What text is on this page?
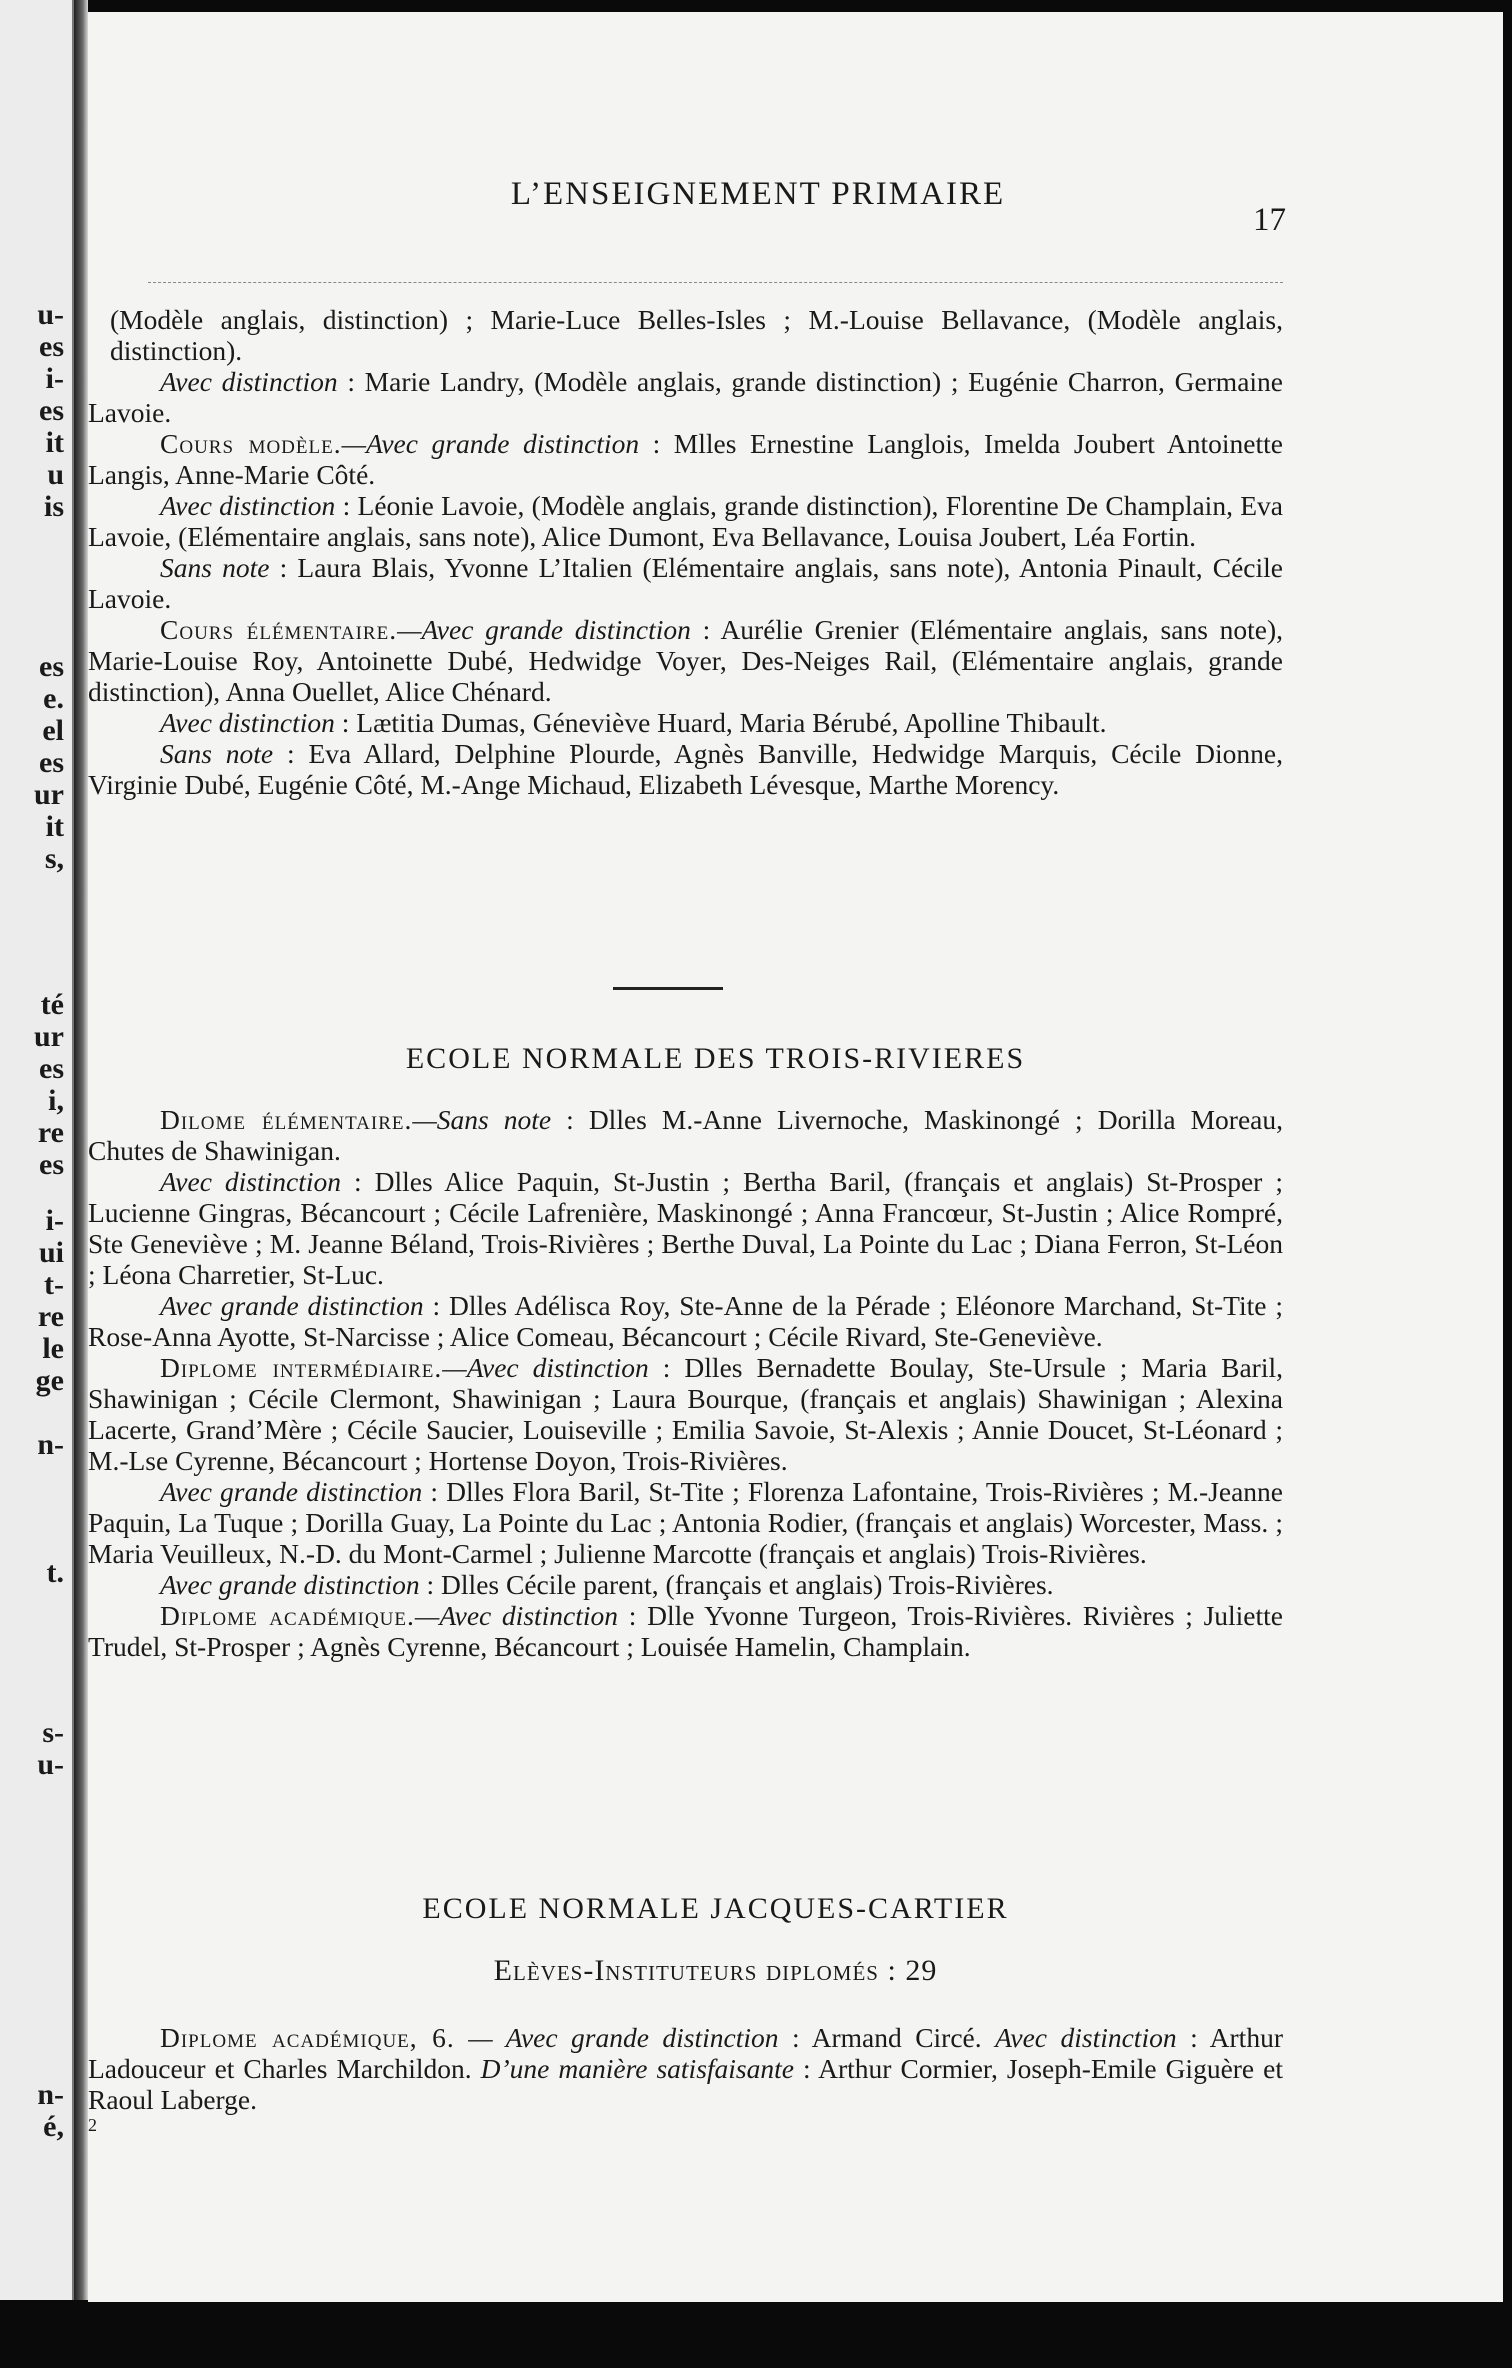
u-
es
i-
es
it
u
is
es
e.
el
es
ur
it
s,
té
ur
es
i,
re
es
i-
ui
t-
re
le
ge
n-
t.
s-
u-
n-
é,
L’ENSEIGNEMENT PRIMAIRE
17

(Modèle anglais, distinction) ; Marie-Luce Belles-Isles ; M.-Louise Bellavance, (Modèle anglais, distinction).

Avec distinction : Marie Landry, (Modèle anglais, grande distinction) ; Eugénie Charron, Germaine Lavoie.

Cours modèle.—Avec grande distinction : Mlles Ernestine Langlois, Imelda Joubert Antoinette Langis, Anne-Marie Côté.

Avec distinction : Léonie Lavoie, (Modèle anglais, grande distinction), Florentine De Champlain, Eva Lavoie, (Elémentaire anglais, sans note), Alice Dumont, Eva Bellavance, Louisa Joubert, Léa Fortin.

Sans note : Laura Blais, Yvonne L’Italien (Elémentaire anglais, sans note), Antonia Pinault, Cécile Lavoie.

Cours élémentaire.—Avec grande distinction : Aurélie Grenier (Elémentaire anglais, sans note), Marie-Louise Roy, Antoinette Dubé, Hedwidge Voyer, Des-Neiges Rail, (Elémentaire anglais, grande distinction), Anna Ouellet, Alice Chénard.

Avec distinction : Lætitia Dumas, Géneviève Huard, Maria Bérubé, Apolline Thibault.

Sans note : Eva Allard, Delphine Plourde, Agnès Banville, Hedwidge Marquis, Cécile Dionne, Virginie Dubé, Eugénie Côté, M.-Ange Michaud, Elizabeth Lévesque, Marthe Morency.

ECOLE NORMALE DES TROIS-RIVIERES

Dilome élémentaire.—Sans note : Dlles M.-Anne Livernoche, Maskinongé ; Dorilla Moreau, Chutes de Shawinigan.

Avec distinction : Dlles Alice Paquin, St-Justin ; Bertha Baril, (français et anglais) St-Prosper ; Lucienne Gingras, Bécancourt ; Cécile Lafrenière, Maskinongé ; Anna Francœur, St-Justin ; Alice Rompré, Ste Geneviève ; M. Jeanne Béland, Trois-Rivières ; Berthe Duval, La Pointe du Lac ; Diana Ferron, St-Léon ; Léona Charretier, St-Luc.

Avec grande distinction : Dlles Adélisca Roy, Ste-Anne de la Pérade ; Eléonore Marchand, St-Tite ; Rose-Anna Ayotte, St-Narcisse ; Alice Comeau, Bécancourt ; Cécile Rivard, Ste-Geneviève.

Diplome intermédiaire.—Avec distinction : Dlles Bernadette Boulay, Ste-Ursule ; Maria Baril, Shawinigan ; Cécile Clermont, Shawinigan ; Laura Bourque, (français et anglais) Shawinigan ; Alexina Lacerte, Grand’Mère ; Cécile Saucier, Louiseville ; Emilia Savoie, St-Alexis ; Annie Doucet, St-Léonard ; M.-Lse Cyrenne, Bécancourt ; Hortense Doyon, Trois-Rivières.

Avec grande distinction : Dlles Flora Baril, St-Tite ; Florenza Lafontaine, Trois-Rivières ; M.-Jeanne Paquin, La Tuque ; Dorilla Guay, La Pointe du Lac ; Antonia Rodier, (français et anglais) Worcester, Mass. ; Maria Veuilleux, N.-D. du Mont-Carmel ; Julienne Marcotte (français et anglais) Trois-Rivières.

Avec grande distinction : Dlles Cécile parent, (français et anglais) Trois-Rivières.

Diplome académique.—Avec distinction : Dlle Yvonne Turgeon, Trois-Rivières. Rivières ; Juliette Trudel, St-Prosper ; Agnès Cyrenne, Bécancourt ; Louisée Hamelin, Champlain.

ECOLE NORMALE JACQUES-CARTIER
Elèves-Instituteurs diplomés : 29

Diplome académique, 6. — Avec grande distinction : Armand Circé. Avec distinction : Arthur Ladouceur et Charles Marchildon. D’une manière satisfaisante : Arthur Cormier, Joseph-Emile Giguère et Raoul Laberge.

2
